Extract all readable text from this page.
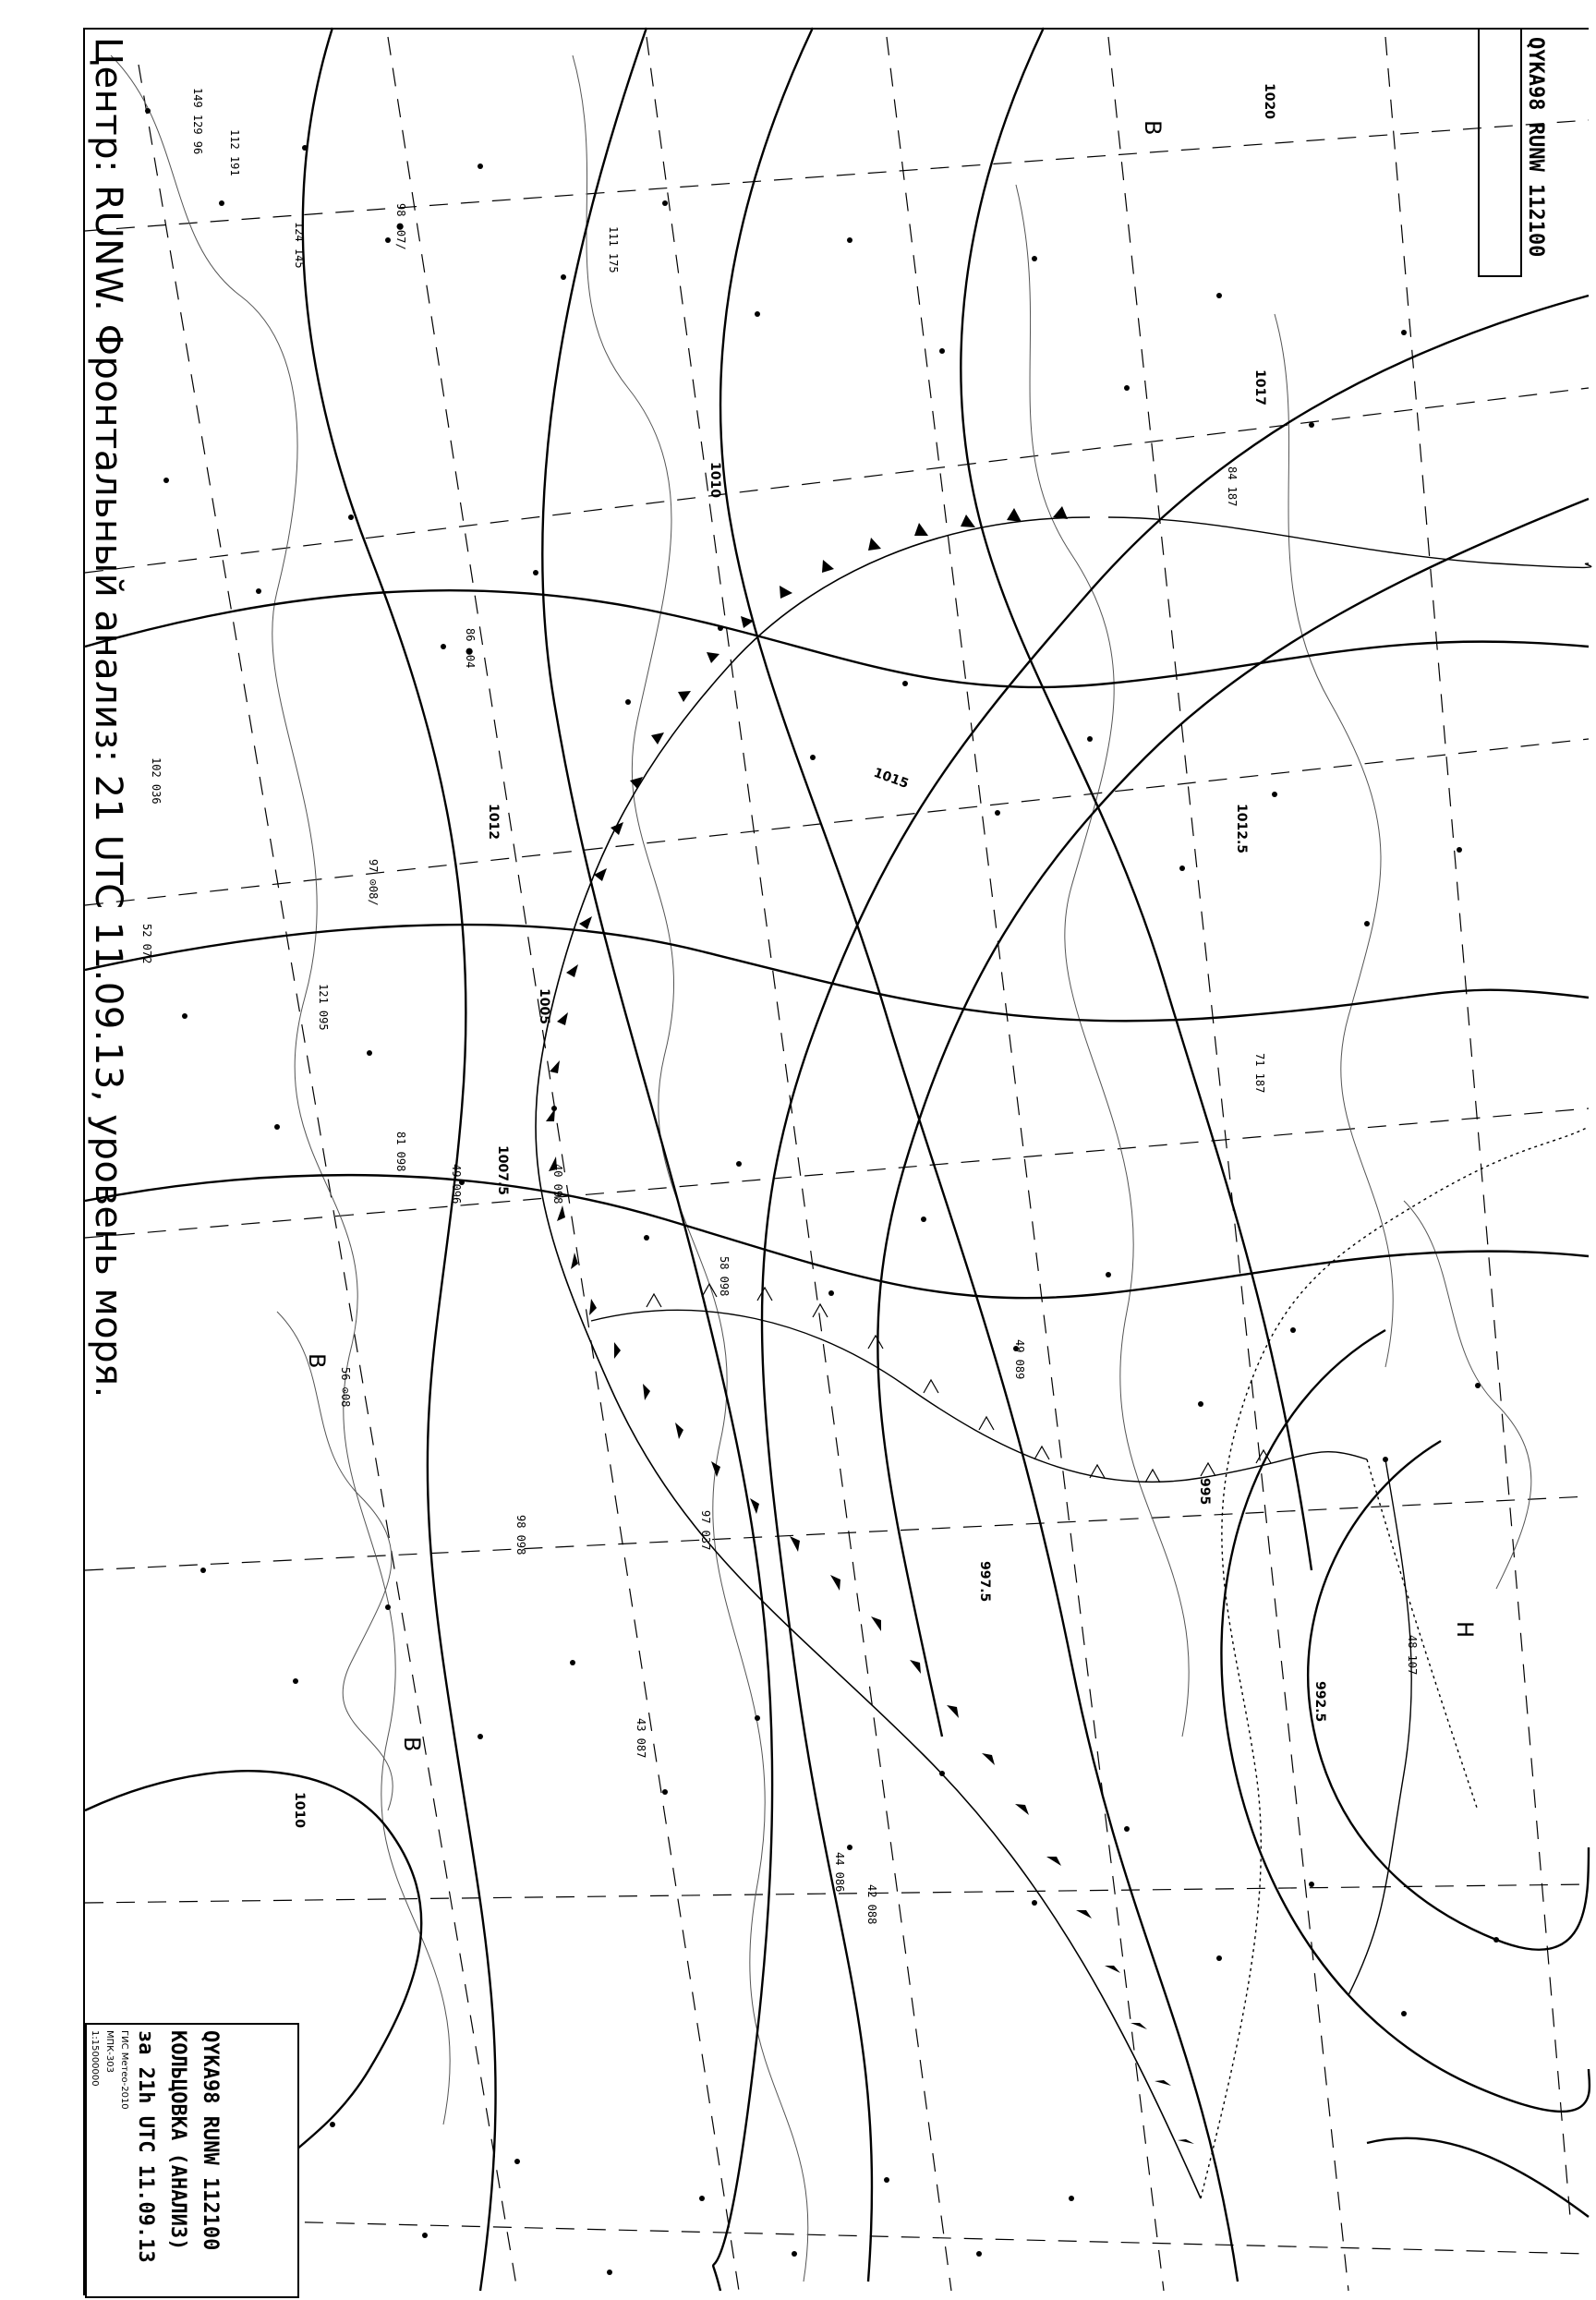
1020
1017
1015
1012.5
1012
1010
1007.5
1005
997.5
995
992.5
1010
B
B
B
H
112 191
98 ●07/
102 036
97 ⊙08/
86 ●04
56 ⊙08
121 095
52 072
49 096	40 098
111 175
124 145
149 129 96
84 187
71 187
44 086
43 087
42 088
81 098
58 098
49 089
97 037
98 098
48 107
QYKA98 RUNW 112100
Центр: RUNW. Фронтальный анализ: 21 UTC 11.09.13, уровень моря.
QYKA98 RUNW 112100
КОЛЬЦОВКА (АНАЛИЗ)
за 21h UTC 11.09.13
ГИС Метео-2010
МПК-303
1:15000000
